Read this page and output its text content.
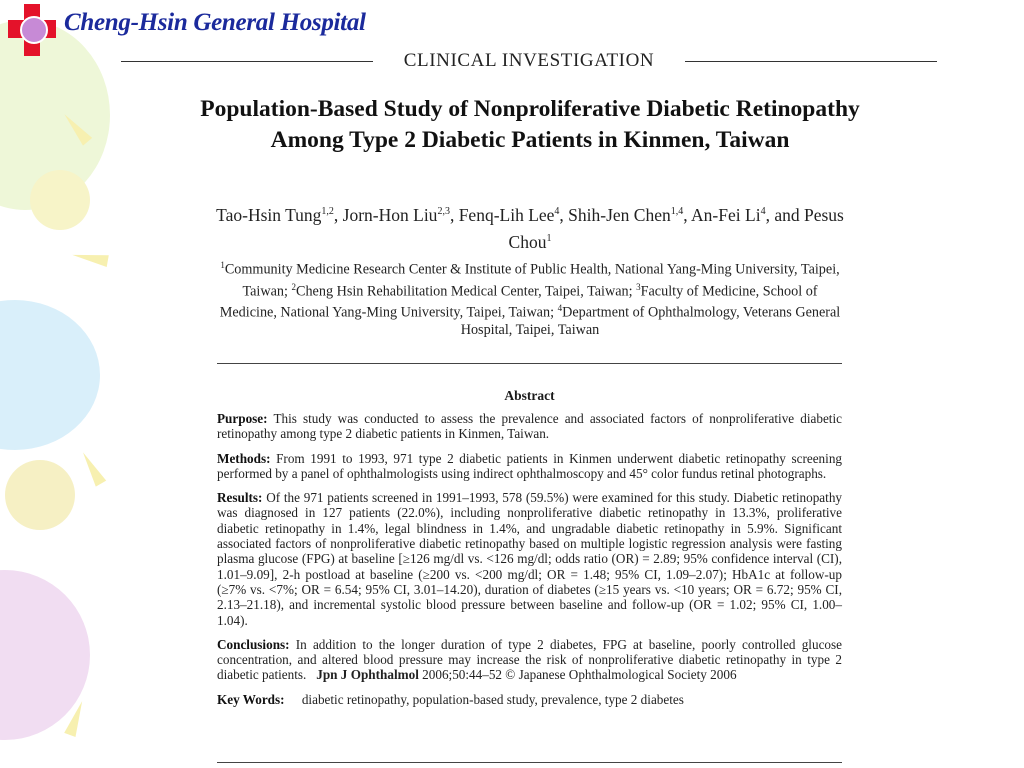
Cheng-Hsin General Hospital
CLINICAL INVESTIGATION
Population-Based Study of Nonproliferative Diabetic Retinopathy Among Type 2 Diabetic Patients in Kinmen, Taiwan
Tao-Hsin Tung$^{1,2}$, Jorn-Hon Liu$^{2,3}$, Fenq-Lih Lee$^4$, Shih-Jen Chen$^{1,4}$, An-Fei Li$^4$, and Pesus Chou$^1$
$^1$Community Medicine Research Center & Institute of Public Health, National Yang-Ming University, Taipei, Taiwan; $^2$Cheng Hsin Rehabilitation Medical Center, Taipei, Taiwan; $^3$Faculty of Medicine, School of Medicine, National Yang-Ming University, Taipei, Taiwan; $^4$Department of Ophthalmology, Veterans General Hospital, Taipei, Taiwan
Abstract

Purpose: This study was conducted to assess the prevalence and associated factors of nonproliferative diabetic retinopathy among type 2 diabetic patients in Kinmen, Taiwan.

Methods: From 1991 to 1993, 971 type 2 diabetic patients in Kinmen underwent diabetic retinopathy screening performed by a panel of ophthalmologists using indirect ophthalmoscopy and 45° color fundus retinal photographs.

Results: Of the 971 patients screened in 1991–1993, 578 (59.5%) were examined for this study. Diabetic retinopathy was diagnosed in 127 patients (22.0%), including nonproliferative diabetic retinopathy in 13.3%, proliferative diabetic retinopathy in 1.4%, legal blindness in 1.4%, and ungradable diabetic retinopathy in 5.9%. Significant associated factors of nonproliferative diabetic retinopathy based on multiple logistic regression analysis were fasting plasma glucose (FPG) at baseline [≥126 mg/dl vs. <126 mg/dl; odds ratio (OR) = 2.89; 95% confidence interval (CI), 1.01–9.09], 2-h postload at baseline (≥200 vs. <200 mg/dl; OR = 1.48; 95% CI, 1.09–2.07); HbA1c at follow-up (≥7% vs. <7%; OR = 6.54; 95% CI, 3.01–14.20), duration of diabetes (≥15 years vs. <10 years; OR = 6.72; 95% CI, 2.13–21.18), and incremental systolic blood pressure between baseline and follow-up (OR = 1.02; 95% CI, 1.00–1.04).

Conclusions: In addition to the longer duration of type 2 diabetes, FPG at baseline, poorly controlled glucose concentration, and altered blood pressure may increase the risk of nonproliferative diabetic retinopathy in type 2 diabetic patients. Jpn J Ophthalmol 2006;50:44–52 © Japanese Ophthalmological Society 2006

Key Words: diabetic retinopathy, population-based study, prevalence, type 2 diabetes
